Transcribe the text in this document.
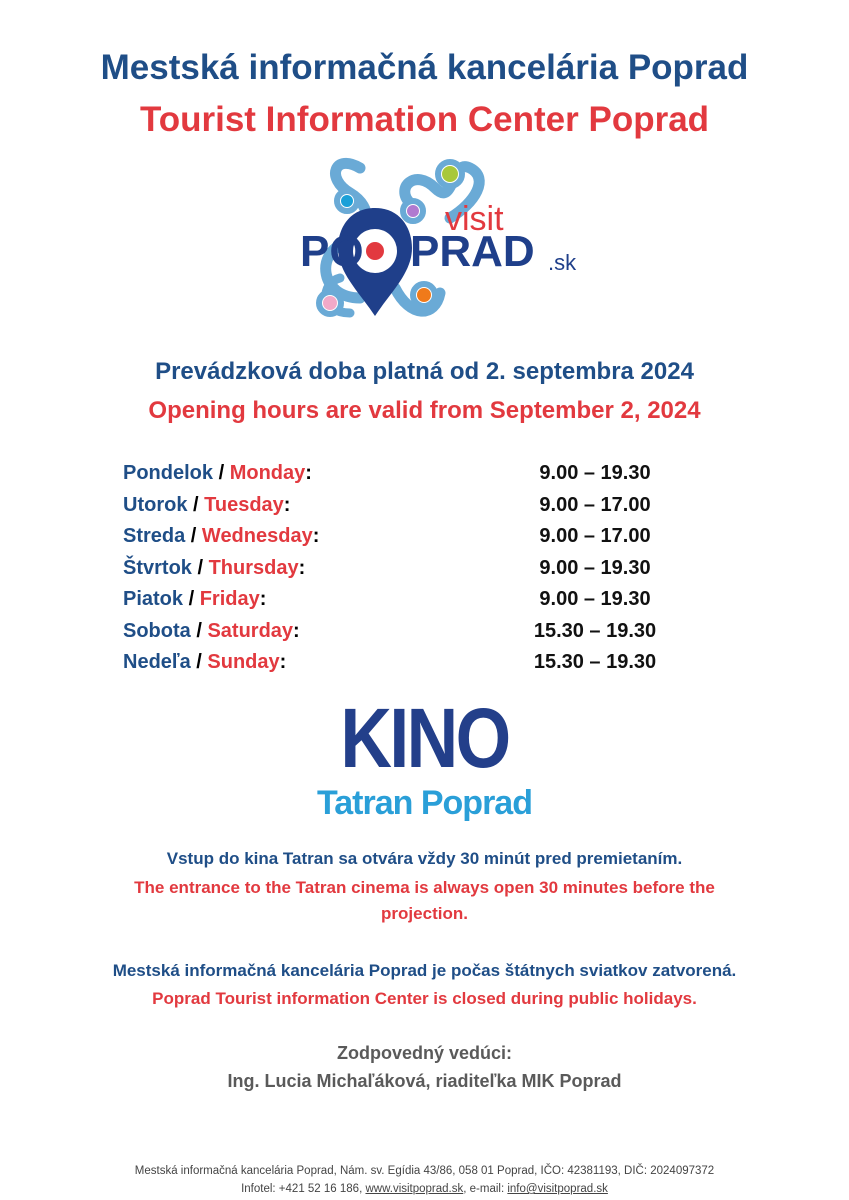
Mestská informačná kancelária Poprad
Tourist Information Center Poprad
visit
PO PRAD .sk
Prevádzková doba platná od 2. septembra 2024
Opening hours are valid from September 2, 2024
Pondelok / Monday:	9.00 – 19.30
Utorok / Tuesday:	9.00 – 17.00
Streda / Wednesday:	9.00 – 17.00
Štvrtok / Thursday:	9.00 – 19.30
Piatok / Friday:	9.00 – 19.30
Sobota / Saturday:	15.30 – 19.30
Nedeľa / Sunday:	15.30 – 19.30
KINO
Tatran Poprad
Vstup do kina Tatran sa otvára vždy 30 minút pred premietaním.
The entrance to the Tatran cinema is always open 30 minutes before the projection.
Mestská informačná kancelária Poprad je počas štátnych sviatkov zatvorená.
Poprad Tourist information Center is closed during public holidays.
Zodpovedný vedúci:
Ing. Lucia Michaľáková, riaditeľka MIK Poprad
Mestská informačná kancelária Poprad, Nám. sv. Egídia 43/86, 058 01 Poprad, IČO: 42381193, DIČ: 2024097372
Infotel: +421 52 16 186, www.visitpoprad.sk, e-mail: info@visitpoprad.sk
